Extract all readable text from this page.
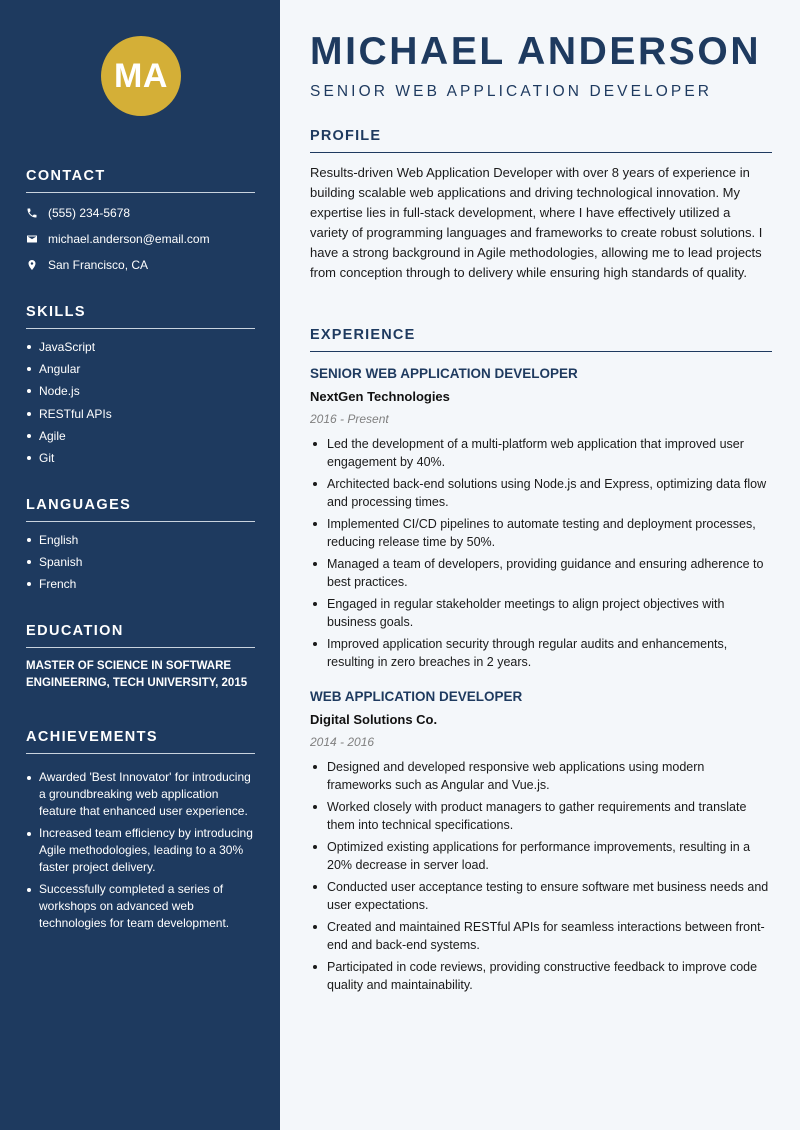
MA
CONTACT
(555) 234-5678
michael.anderson@email.com
San Francisco, CA
SKILLS
JavaScript
Angular
Node.js
RESTful APIs
Agile
Git
LANGUAGES
English
Spanish
French
EDUCATION

MASTER OF SCIENCE IN SOFTWARE ENGINEERING, TECH UNIVERSITY, 2015

ACHIEVEMENTS
Awarded 'Best Innovator' for introducing a groundbreaking web application feature that enhanced user experience.
Increased team efficiency by introducing Agile methodologies, leading to a 30% faster project delivery.
Successfully completed a series of workshops on advanced web technologies for team development.
MICHAEL ANDERSON
SENIOR WEB APPLICATION DEVELOPER
PROFILE

Results-driven Web Application Developer with over 8 years of experience in building scalable web applications and driving technological innovation. My expertise lies in full-stack development, where I have effectively utilized a variety of programming languages and frameworks to create robust solutions. I have a strong background in Agile methodologies, allowing me to lead projects from conception through to delivery while ensuring high standards of quality.

EXPERIENCE
SENIOR WEB APPLICATION DEVELOPER
NextGen Technologies
2016 - Present
Led the development of a multi-platform web application that improved user engagement by 40%.
Architected back-end solutions using Node.js and Express, optimizing data flow and processing times.
Implemented CI/CD pipelines to automate testing and deployment processes, reducing release time by 50%.
Managed a team of developers, providing guidance and ensuring adherence to best practices.
Engaged in regular stakeholder meetings to align project objectives with business goals.
Improved application security through regular audits and enhancements, resulting in zero breaches in 2 years.
WEB APPLICATION DEVELOPER
Digital Solutions Co.
2014 - 2016
Designed and developed responsive web applications using modern frameworks such as Angular and Vue.js.
Worked closely with product managers to gather requirements and translate them into technical specifications.
Optimized existing applications for performance improvements, resulting in a 20% decrease in server load.
Conducted user acceptance testing to ensure software met business needs and user expectations.
Created and maintained RESTful APIs for seamless interactions between front-end and back-end systems.
Participated in code reviews, providing constructive feedback to improve code quality and maintainability.
